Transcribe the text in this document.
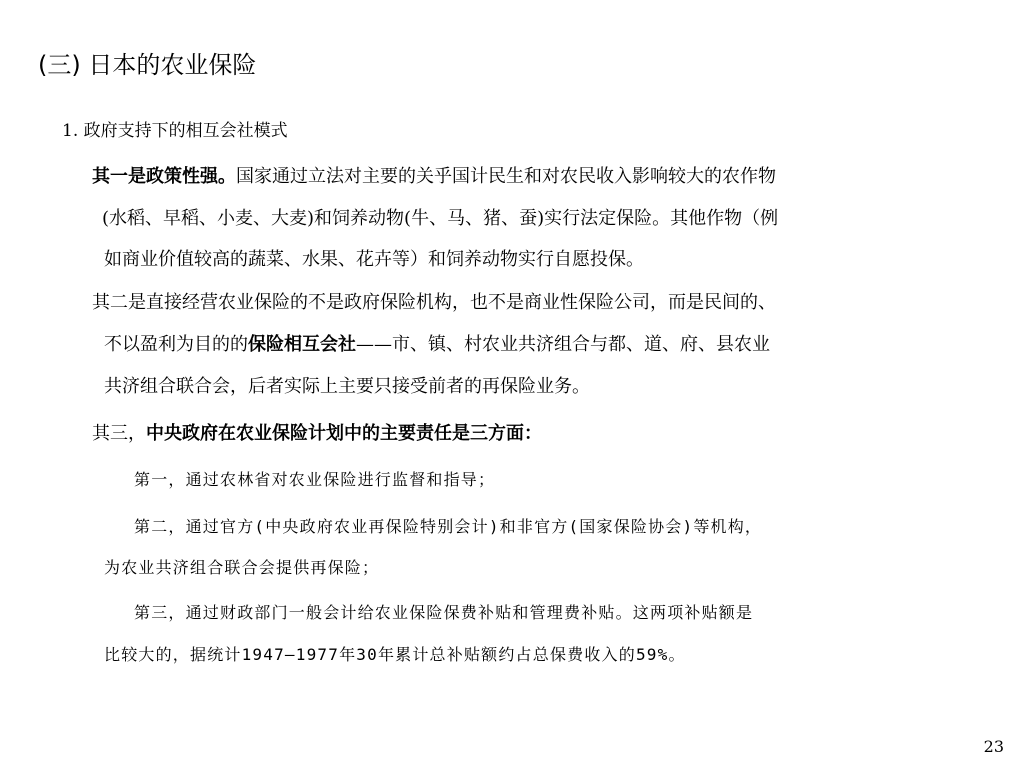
(三) 日本的农业保险
1. 政府支持下的相互会社模式
其一是政策性强。国家通过立法对主要的关乎国计民生和对农民收入影响较大的农作物
(水稻、早稻、小麦、大麦)和饲养动物(牛、马、猪、蚕)实行法定保险。其他作物（例
如商业价值较高的蔬菜、水果、花卉等）和饲养动物实行自愿投保。
其二是直接经营农业保险的不是政府保险机构，也不是商业性保险公司，而是民间的、
不以盈利为目的的保险相互会社——市、镇、村农业共济组合与都、道、府、县农业
共济组合联合会，后者实际上主要只接受前者的再保险业务。
其三，中央政府在农业保险计划中的主要责任是三方面：
第一，通过农林省对农业保险进行监督和指导；
第二，通过官方(中央政府农业再保险特别会计)和非官方(国家保险协会)等机构，
为农业共济组合联合会提供再保险；
第三，通过财政部门一般会计给农业保险保费补贴和管理费补贴。这两项补贴额是
比较大的，据统计1947—1977年30年累计总补贴额约占总保费收入的59%。
23
